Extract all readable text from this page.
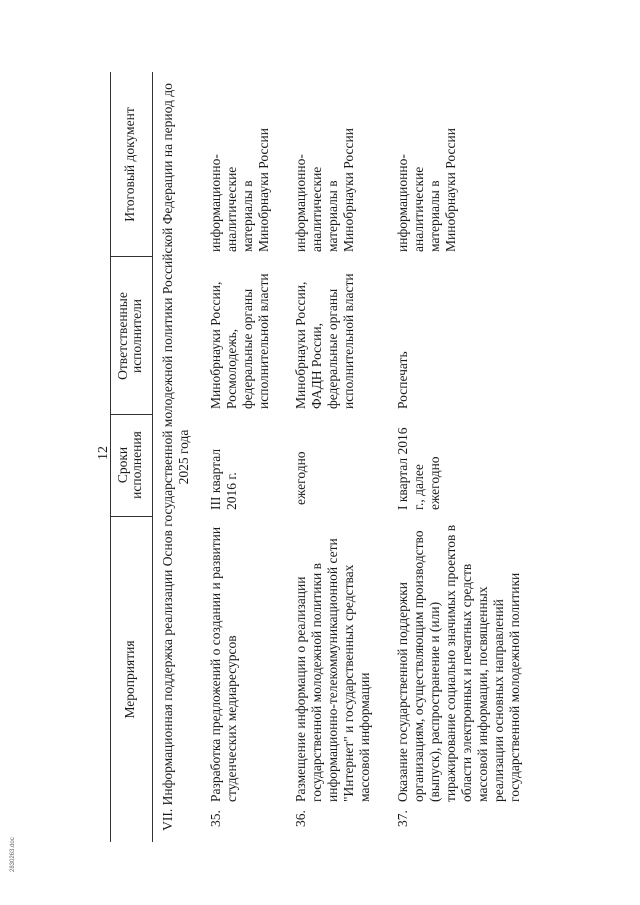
12
Мероприятия
Сроки исполнения
Ответственные исполнители
Итоговый документ VII. Информационная поддержка реализации Основ государственной молодежной политики Российской Федерации на период до 2025 года
35.
Разработка предложений о создании и развитии студенческих медиаресурсов
III квартал 2016 г.
Минобрнауки России, Росмолодежь, федеральные органы исполнительной власти
информационно-аналитические материалы в Минобрнауки России
36.
Размещение информации о реализации государственной молодежной политики в информационно-телекоммуникационной сети "Интернет" и государственных средствах массовой информации
ежегодно
Минобрнауки России, ФАДН России, федеральные органы исполнительной власти
информационно-аналитические материалы в Минобрнауки России
37.
Оказание государственной поддержки организациям, осуществляющим производство (выпуск), распространение и (или) тиражирование социально значимых проектов в области электронных и печатных средств массовой информации, посвященных реализации основных направлений государственной молодежной политики
I квартал 2016 г., далее ежегодно
Роспечать
информационно-аналитические материалы в Минобрнауки России
2830263.doc
